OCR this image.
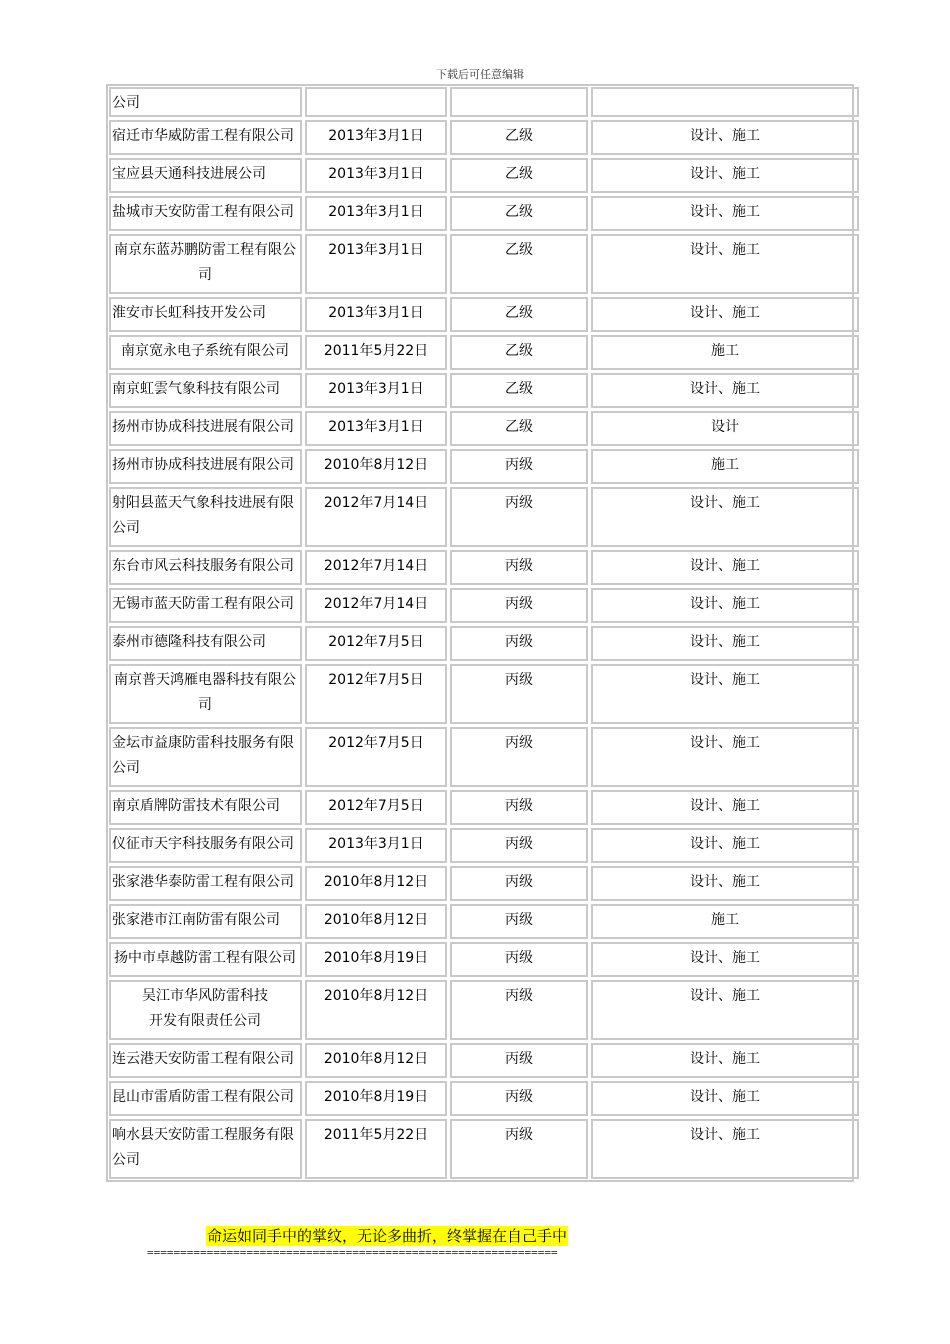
下载后可任意编辑
公司			
宿迁市华威防雷工程有限公司	2013年3月1日	乙级	设计、施工
宝应县天通科技进展公司	2013年3月1日	乙级	设计、施工
盐城市天安防雷工程有限公司	2013年3月1日	乙级	设计、施工
南京东蓝苏鹏防雷工程有限公司	2013年3月1日	乙级	设计、施工
淮安市长虹科技开发公司	2013年3月1日	乙级	设计、施工
南京宽永电子系统有限公司	2011年5月22日	乙级	施工
南京虹雲气象科技有限公司	2013年3月1日	乙级	设计、施工
扬州市协成科技进展有限公司	2013年3月1日	乙级	设计
扬州市协成科技进展有限公司	2010年8月12日	丙级	施工
射阳县蓝天气象科技进展有限公司	2012年7月14日	丙级	设计、施工
东台市风云科技服务有限公司	2012年7月14日	丙级	设计、施工
无锡市蓝天防雷工程有限公司	2012年7月14日	丙级	设计、施工
泰州市德隆科技有限公司	2012年7月5日	丙级	设计、施工
南京普天鸿雁电器科技有限公司	2012年7月5日	丙级	设计、施工
金坛市益康防雷科技服务有限公司	2012年7月5日	丙级	设计、施工
南京盾牌防雷技术有限公司	2012年7月5日	丙级	设计、施工
仪征市天宇科技服务有限公司	2013年3月1日	丙级	设计、施工
张家港华泰防雷工程有限公司	2010年8月12日	丙级	设计、施工
张家港市江南防雷有限公司	2010年8月12日	丙级	施工
扬中市卓越防雷工程有限公司	2010年8月19日	丙级	设计、施工
吴江市华风防雷科技
开发有限责任公司	2010年8月12日	丙级	设计、施工
连云港天安防雷工程有限公司	2010年8月12日	丙级	设计、施工
昆山市雷盾防雷工程有限公司	2010年8月19日	丙级	设计、施工
响水县天安防雷工程服务有限公司	2011年5月22日	丙级	设计、施工
命运如同手中的掌纹，无论多曲折，终掌握在自己手中
==============================================================
